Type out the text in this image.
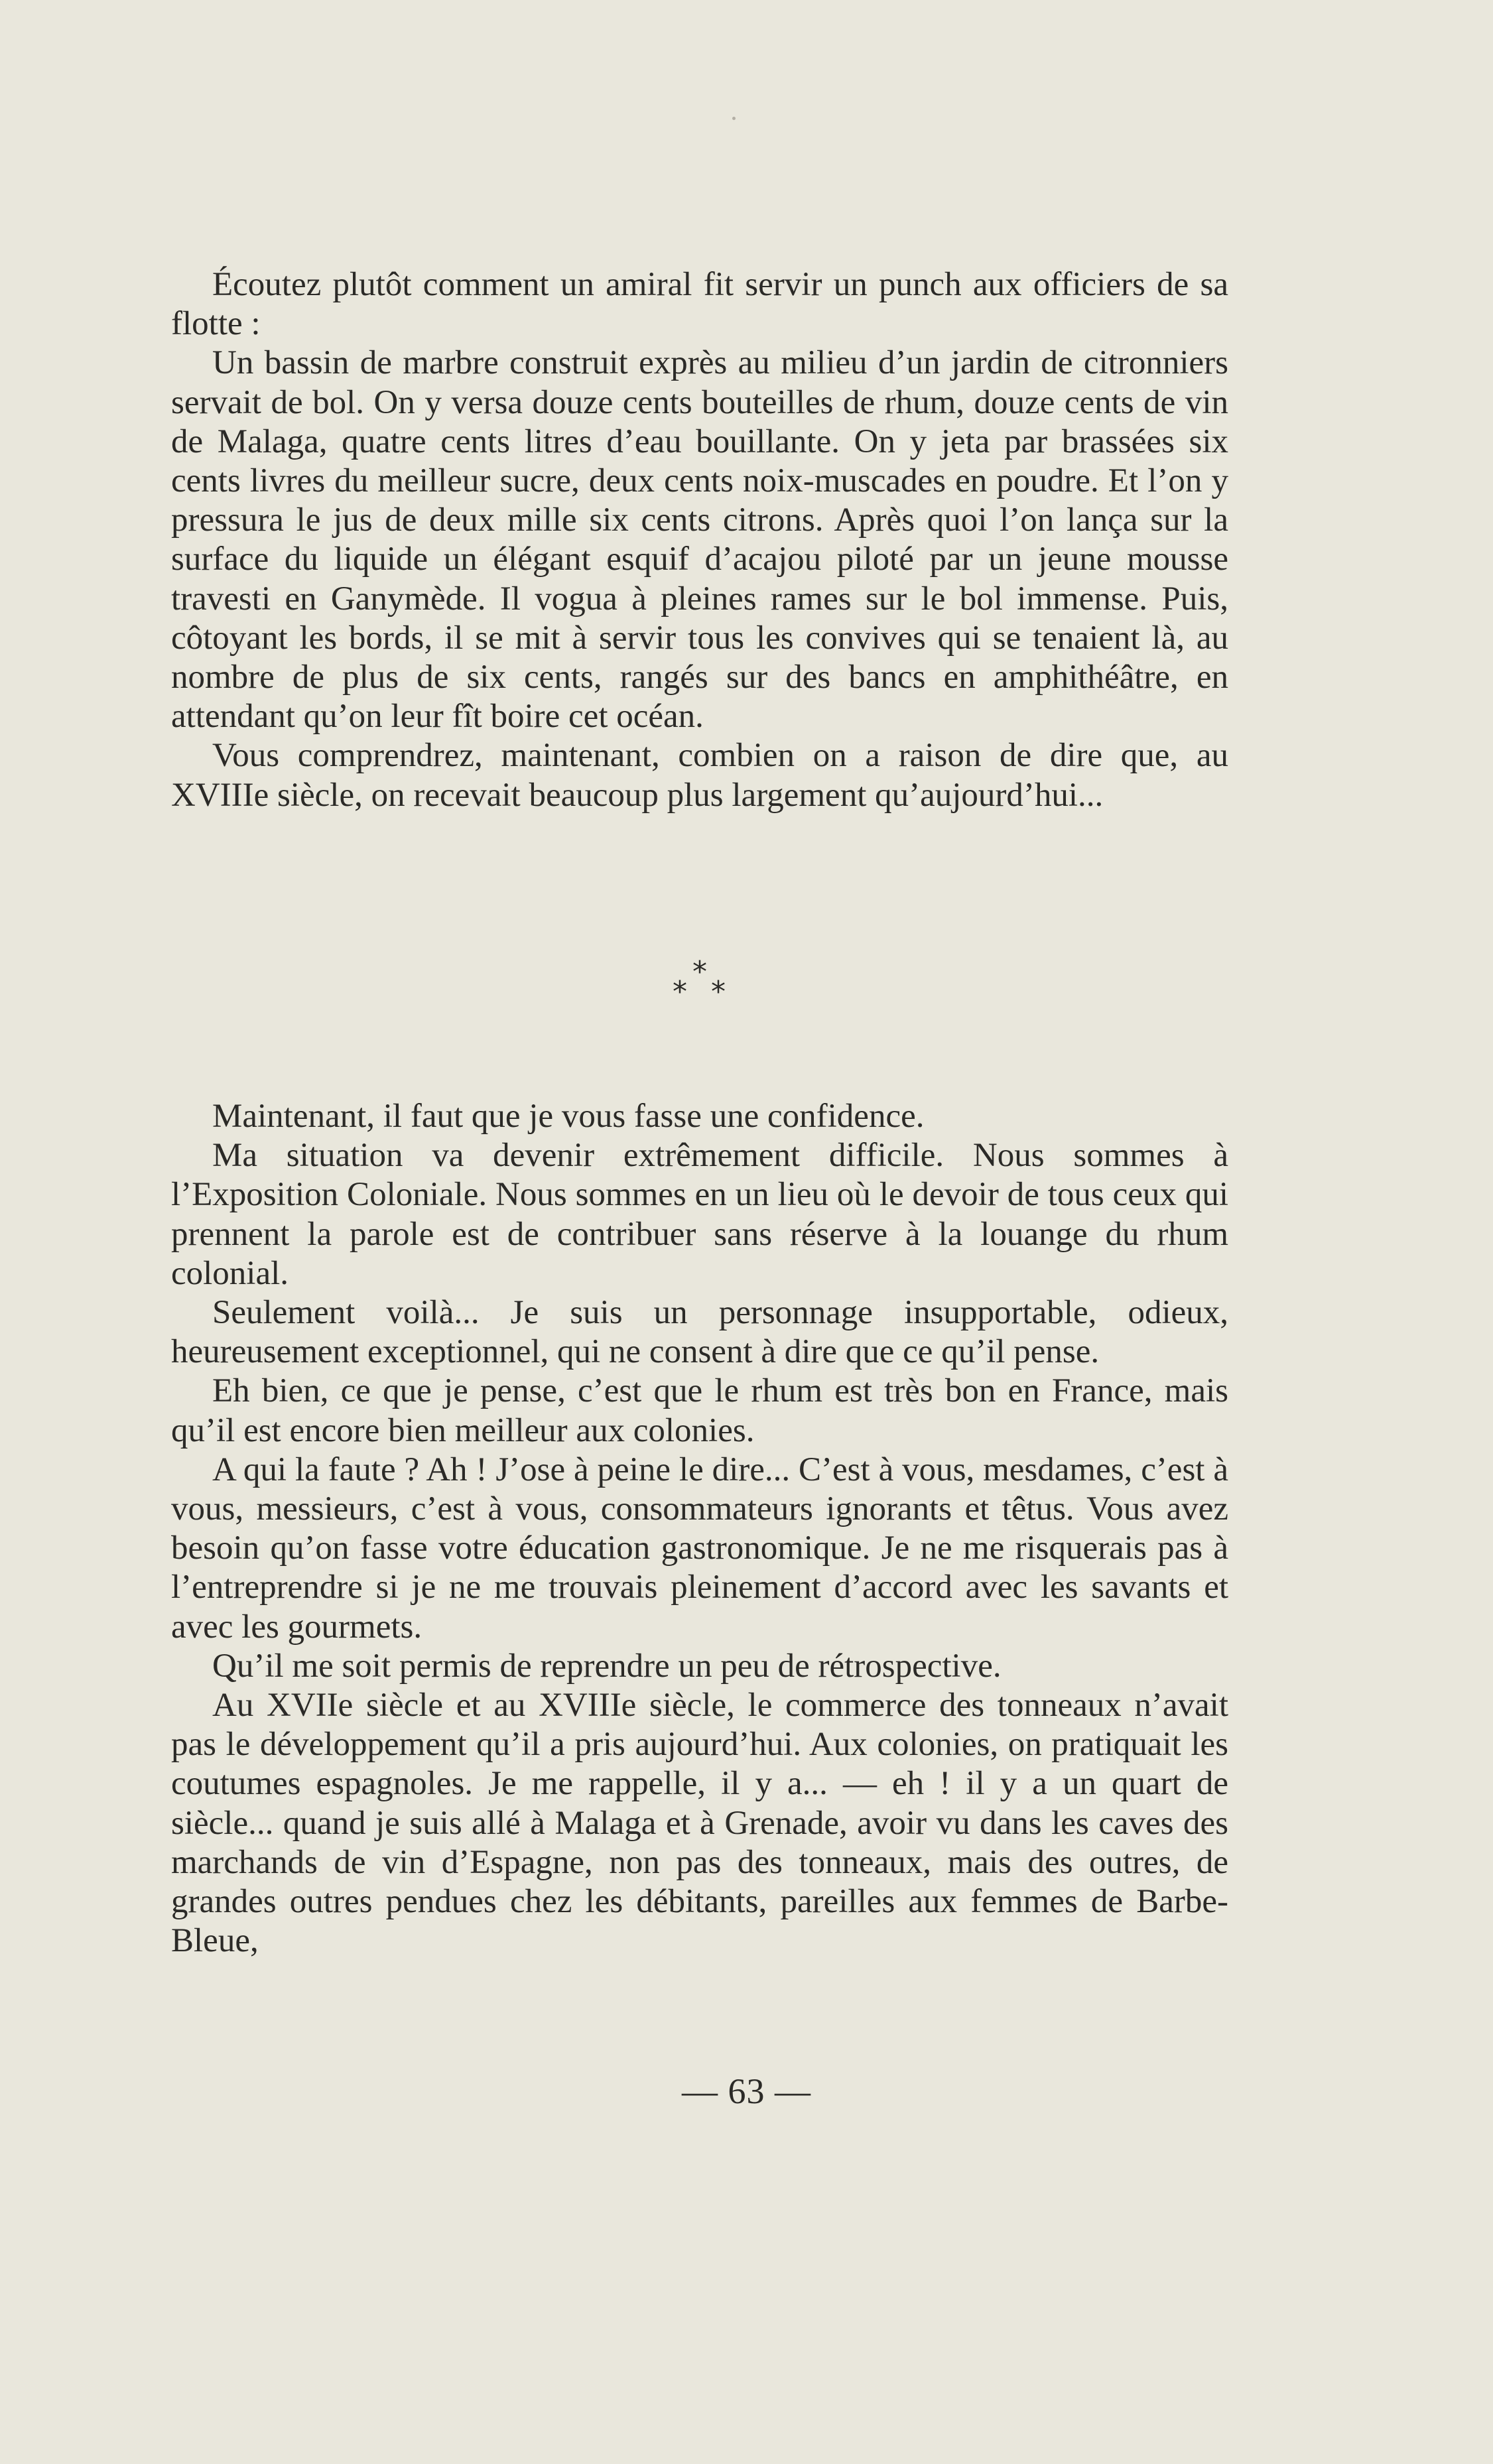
Écoutez plutôt comment un amiral fit servir un punch aux officiers de sa flotte :

Un bassin de marbre construit exprès au milieu d’un jardin de citronniers servait de bol. On y versa douze cents bouteilles de rhum, douze cents de vin de Malaga, quatre cents litres d’eau bouillante. On y jeta par brassées six cents livres du meilleur sucre, deux cents noix-muscades en poudre. Et l’on y pressura le jus de deux mille six cents citrons. Après quoi l’on lança sur la surface du liquide un élégant esquif d’acajou piloté par un jeune mousse travesti en Ganymède. Il vogua à pleines rames sur le bol immense. Puis, côtoyant les bords, il se mit à servir tous les convives qui se tenaient là, au nombre de plus de six cents, rangés sur des bancs en amphithéâtre, en attendant qu’on leur fît boire cet océan.

Vous comprendrez, maintenant, combien on a raison de dire que, au XVIIIe siècle, on recevait beaucoup plus largement qu’aujourd’hui...

*
* *

Maintenant, il faut que je vous fasse une confidence.

Ma situation va devenir extrêmement difficile. Nous sommes à l’Exposition Coloniale. Nous sommes en un lieu où le devoir de tous ceux qui prennent la parole est de contribuer sans réserve à la louange du rhum colonial.

Seulement voilà... Je suis un personnage insupportable, odieux, heureusement exceptionnel, qui ne consent à dire que ce qu’il pense.

Eh bien, ce que je pense, c’est que le rhum est très bon en France, mais qu’il est encore bien meilleur aux colonies.

A qui la faute ? Ah ! J’ose à peine le dire... C’est à vous, mesdames, c’est à vous, messieurs, c’est à vous, consommateurs ignorants et têtus. Vous avez besoin qu’on fasse votre éducation gastronomique. Je ne me risquerais pas à l’entreprendre si je ne me trouvais pleinement d’accord avec les savants et avec les gourmets.

Qu’il me soit permis de reprendre un peu de rétrospective.

Au XVIIe siècle et au XVIIIe siècle, le commerce des tonneaux n’avait pas le développement qu’il a pris aujourd’hui. Aux colonies, on pratiquait les coutumes espagnoles. Je me rappelle, il y a... — eh ! il y a un quart de siècle... quand je suis allé à Malaga et à Grenade, avoir vu dans les caves des marchands de vin d’Espagne, non pas des tonneaux, mais des outres, de grandes outres pendues chez les débitants, pareilles aux femmes de Barbe-Bleue,

— 63 —
